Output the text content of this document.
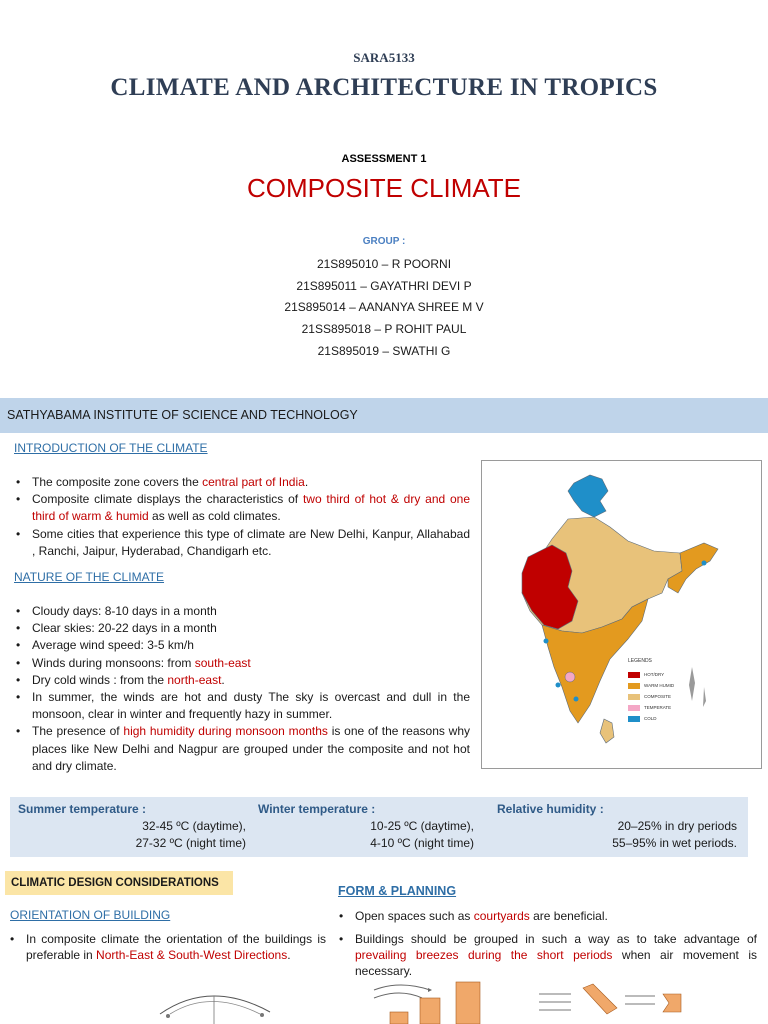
SARA5133
CLIMATE AND ARCHITECTURE IN TROPICS
ASSESSMENT 1
COMPOSITE CLIMATE
GROUP :
21S895010 – R POORNI
21S895011 – GAYATHRI DEVI P
21S895014 – AANANYA SHREE M V
21SS895018 – P ROHIT PAUL
21S895019 – SWATHI G
SATHYABAMA INSTITUTE OF SCIENCE AND TECHNOLOGY
INTRODUCTION OF THE CLIMATE
• The composite zone covers the central part of India.
• Composite climate displays the characteristics of two third of hot & dry and one third of warm & humid as well as cold climates.
• Some cities that experience this type of climate are New Delhi, Kanpur, Allahabad , Ranchi, Jaipur, Hyderabad, Chandigarh etc.
NATURE OF THE CLIMATE
• Cloudy days: 8-10 days in a month
• Clear skies: 20-22 days in a month
• Average wind speed: 3-5 km/h
• Winds during monsoons: from south-east
• Dry cold winds : from the north-east.
• In summer, the winds are hot and dusty The sky is overcast and dull in the monsoon, clear in winter and frequently hazy in summer.
• The presence of high humidity during monsoon months is one of the reasons why places like New Delhi and Nagpur are grouped under the composite and not hot and dry climate.
LEGENDS
HOT/DRY
WARM HUMID
COMPOSITE
TEMPERATE
COLD
Summer temperature :
32-45 ºC (daytime),
27-32 ºC (night time)
Winter temperature :
10-25 ºC (daytime),
4-10 ºC (night time)
Relative humidity :
20–25% in dry periods
55–95% in wet periods.
CLIMATIC DESIGN CONSIDERATIONS
FORM & PLANNING
ORIENTATION OF BUILDING
• In composite climate the orientation of the buildings is preferable in North-East & South-West Directions.
• Open spaces such as courtyards are beneficial.
• Buildings should be grouped in such a way as to take advantage of prevailing breezes during the short periods when air movement is necessary.
